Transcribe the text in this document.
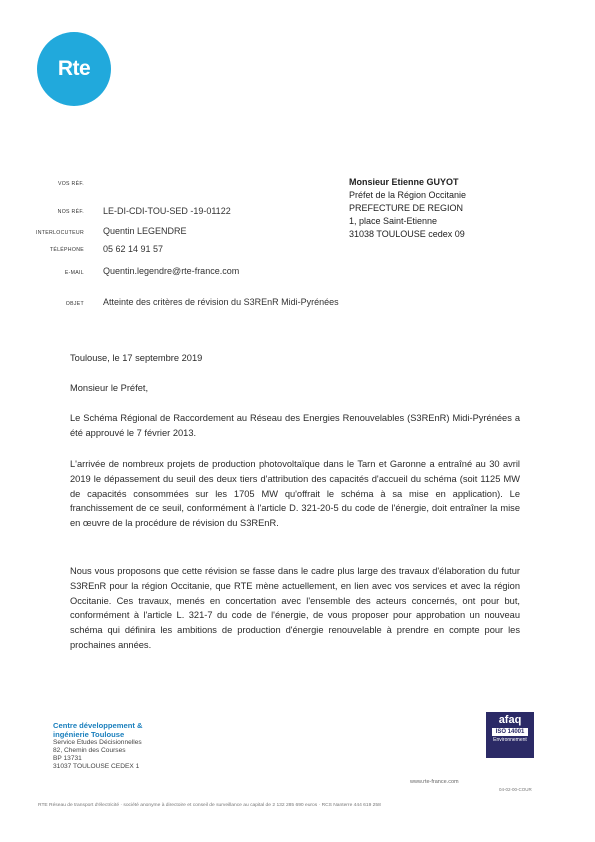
Rte
VOS RÉF.
NOS RÉF. LE-DI-CDI-TOU-SED -19-01122
INTERLOCUTEUR Quentin LEGENDRE
TÉLÉPHONE 05 62 14 91 57
E-MAIL Quentin.legendre@rte-france.com
OBJET Atteinte des critères de révision du S3REnR Midi-Pyrénées
Monsieur Etienne GUYOT
Préfet de la Région Occitanie
PREFECTURE DE REGION
1, place Saint-Etienne
31038 TOULOUSE cedex 09
Toulouse, le 17 septembre 2019
Monsieur le Préfet,

Le Schéma Régional de Raccordement au Réseau des Energies Renouvelables (S3REnR) Midi-Pyrénées a été approuvé le 7 février 2013.

L'arrivée de nombreux projets de production photovoltaïque dans le Tarn et Garonne a entraîné au 30 avril 2019 le dépassement du seuil des deux tiers d'attribution des capacités d'accueil du schéma (soit 1125 MW de capacités consommées sur les 1705 MW qu'offrait le schéma à sa mise en application). Le franchissement de ce seuil, conformément à l'article D. 321-20-5 du code de l'énergie, doit entraîner la mise en œuvre de la procédure de révision du S3REnR.

Nous vous proposons que cette révision se fasse dans le cadre plus large des travaux d'élaboration du futur S3REnR pour la région Occitanie, que RTE mène actuellement, en lien avec vos services et avec la région Occitanie. Ces travaux, menés en concertation avec l'ensemble des acteurs concernés, ont pour but, conformément à l'article L. 321-7 du code de l'énergie, de vous proposer pour approbation un nouveau schéma qui définira les ambitions de production d'énergie renouvelable à prendre en compte pour les prochaines années.

Centre développement &
ingénierie Toulouse
Service Etudes Décisionnelles
82, Chemin des Courses
BP 13731
31037 TOULOUSE CEDEX 1
afaq
ISO 14001
Environnement
www.rte-france.com
04-02-00-COUR
RTE Réseau de transport d'électricité · société anonyme à directoire et conseil de surveillance au capital de 2 132 285 690 euros · RCS Nanterre 444 619 258
